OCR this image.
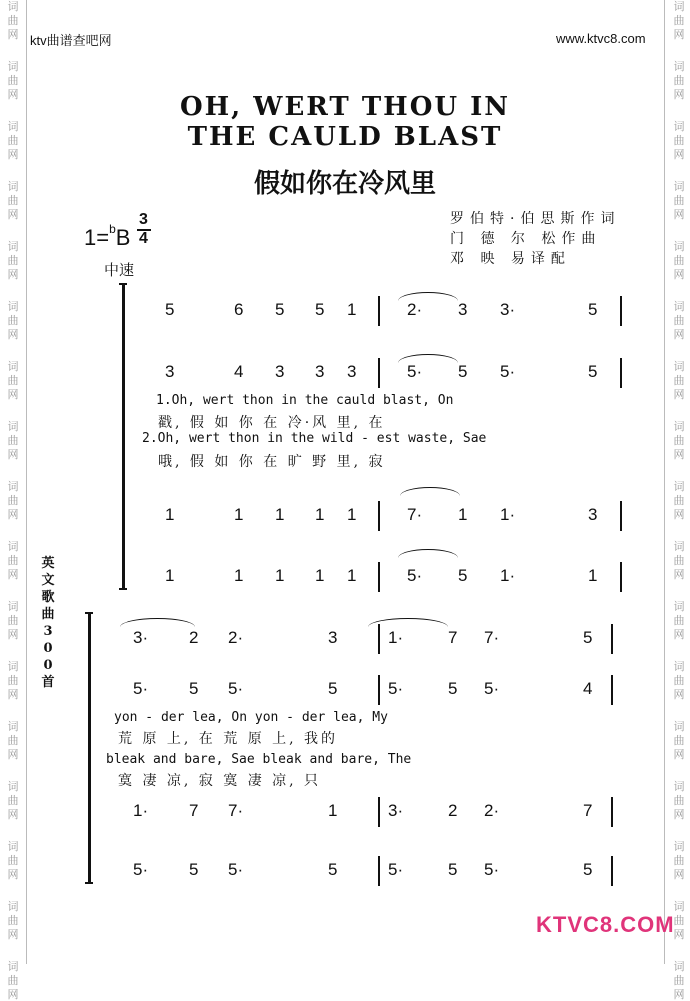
词
曲
网
词
曲
网
词
曲
网
词
曲
网
词
曲
网
词
曲
网
词
曲
网
词
曲
网
词
曲
网
词
曲
网
词
曲
网
词
曲
网
词
曲
网
词
曲
网
词
曲
网
词
曲
网
词
曲
网
词
曲
网
词
曲
网
词
曲
网
词
曲
网
词
曲
网
词
曲
网
词
曲
网
词
曲
网
词
曲
网
词
曲
网
词
曲
网
词
曲
网
词
曲
网
词
曲
网
词
曲
网
词
曲
网
词
曲
网
ktv曲谱查吧网	www.ktvc8.com
OH, WERT THOU IN
THE CAULD BLAST
假如你在冷风里
1=$^b$B
3
4
中速
罗伯特·伯思斯作词
门 德 尔 松作曲
邓 映 易译配
英
文
歌
曲
3
0
0
首
5	6 5 5 1	2· 3 3·	5
3	4 3 3 3	5· 5 5·	5
1	1 1 1 1	7· 1 1·	3
1	1 1 1 1	5· 5 1·	1
3· 2 2·	3	1·	7 7·	5
5· 5 5·	5	5·	5 5·	4
1· 7 7·	1	3·	2 2·	7
5· 5 5·	5	5·	5 5·	5
1.Oh, wert thon in the cauld blast, On
戳, 假 如 你 在 冷·风 里, 在
2.Oh, wert thon in the wild - est waste, Sae
哦, 假 如 你 在 旷 野 里, 寂
yon - der lea, On yon - der lea, My
荒 原 上, 在 荒 原 上, 我的
bleak and bare, Sae bleak and bare, The
寞 凄 凉, 寂 寞 凄 凉, 只
KTVC8.COM
